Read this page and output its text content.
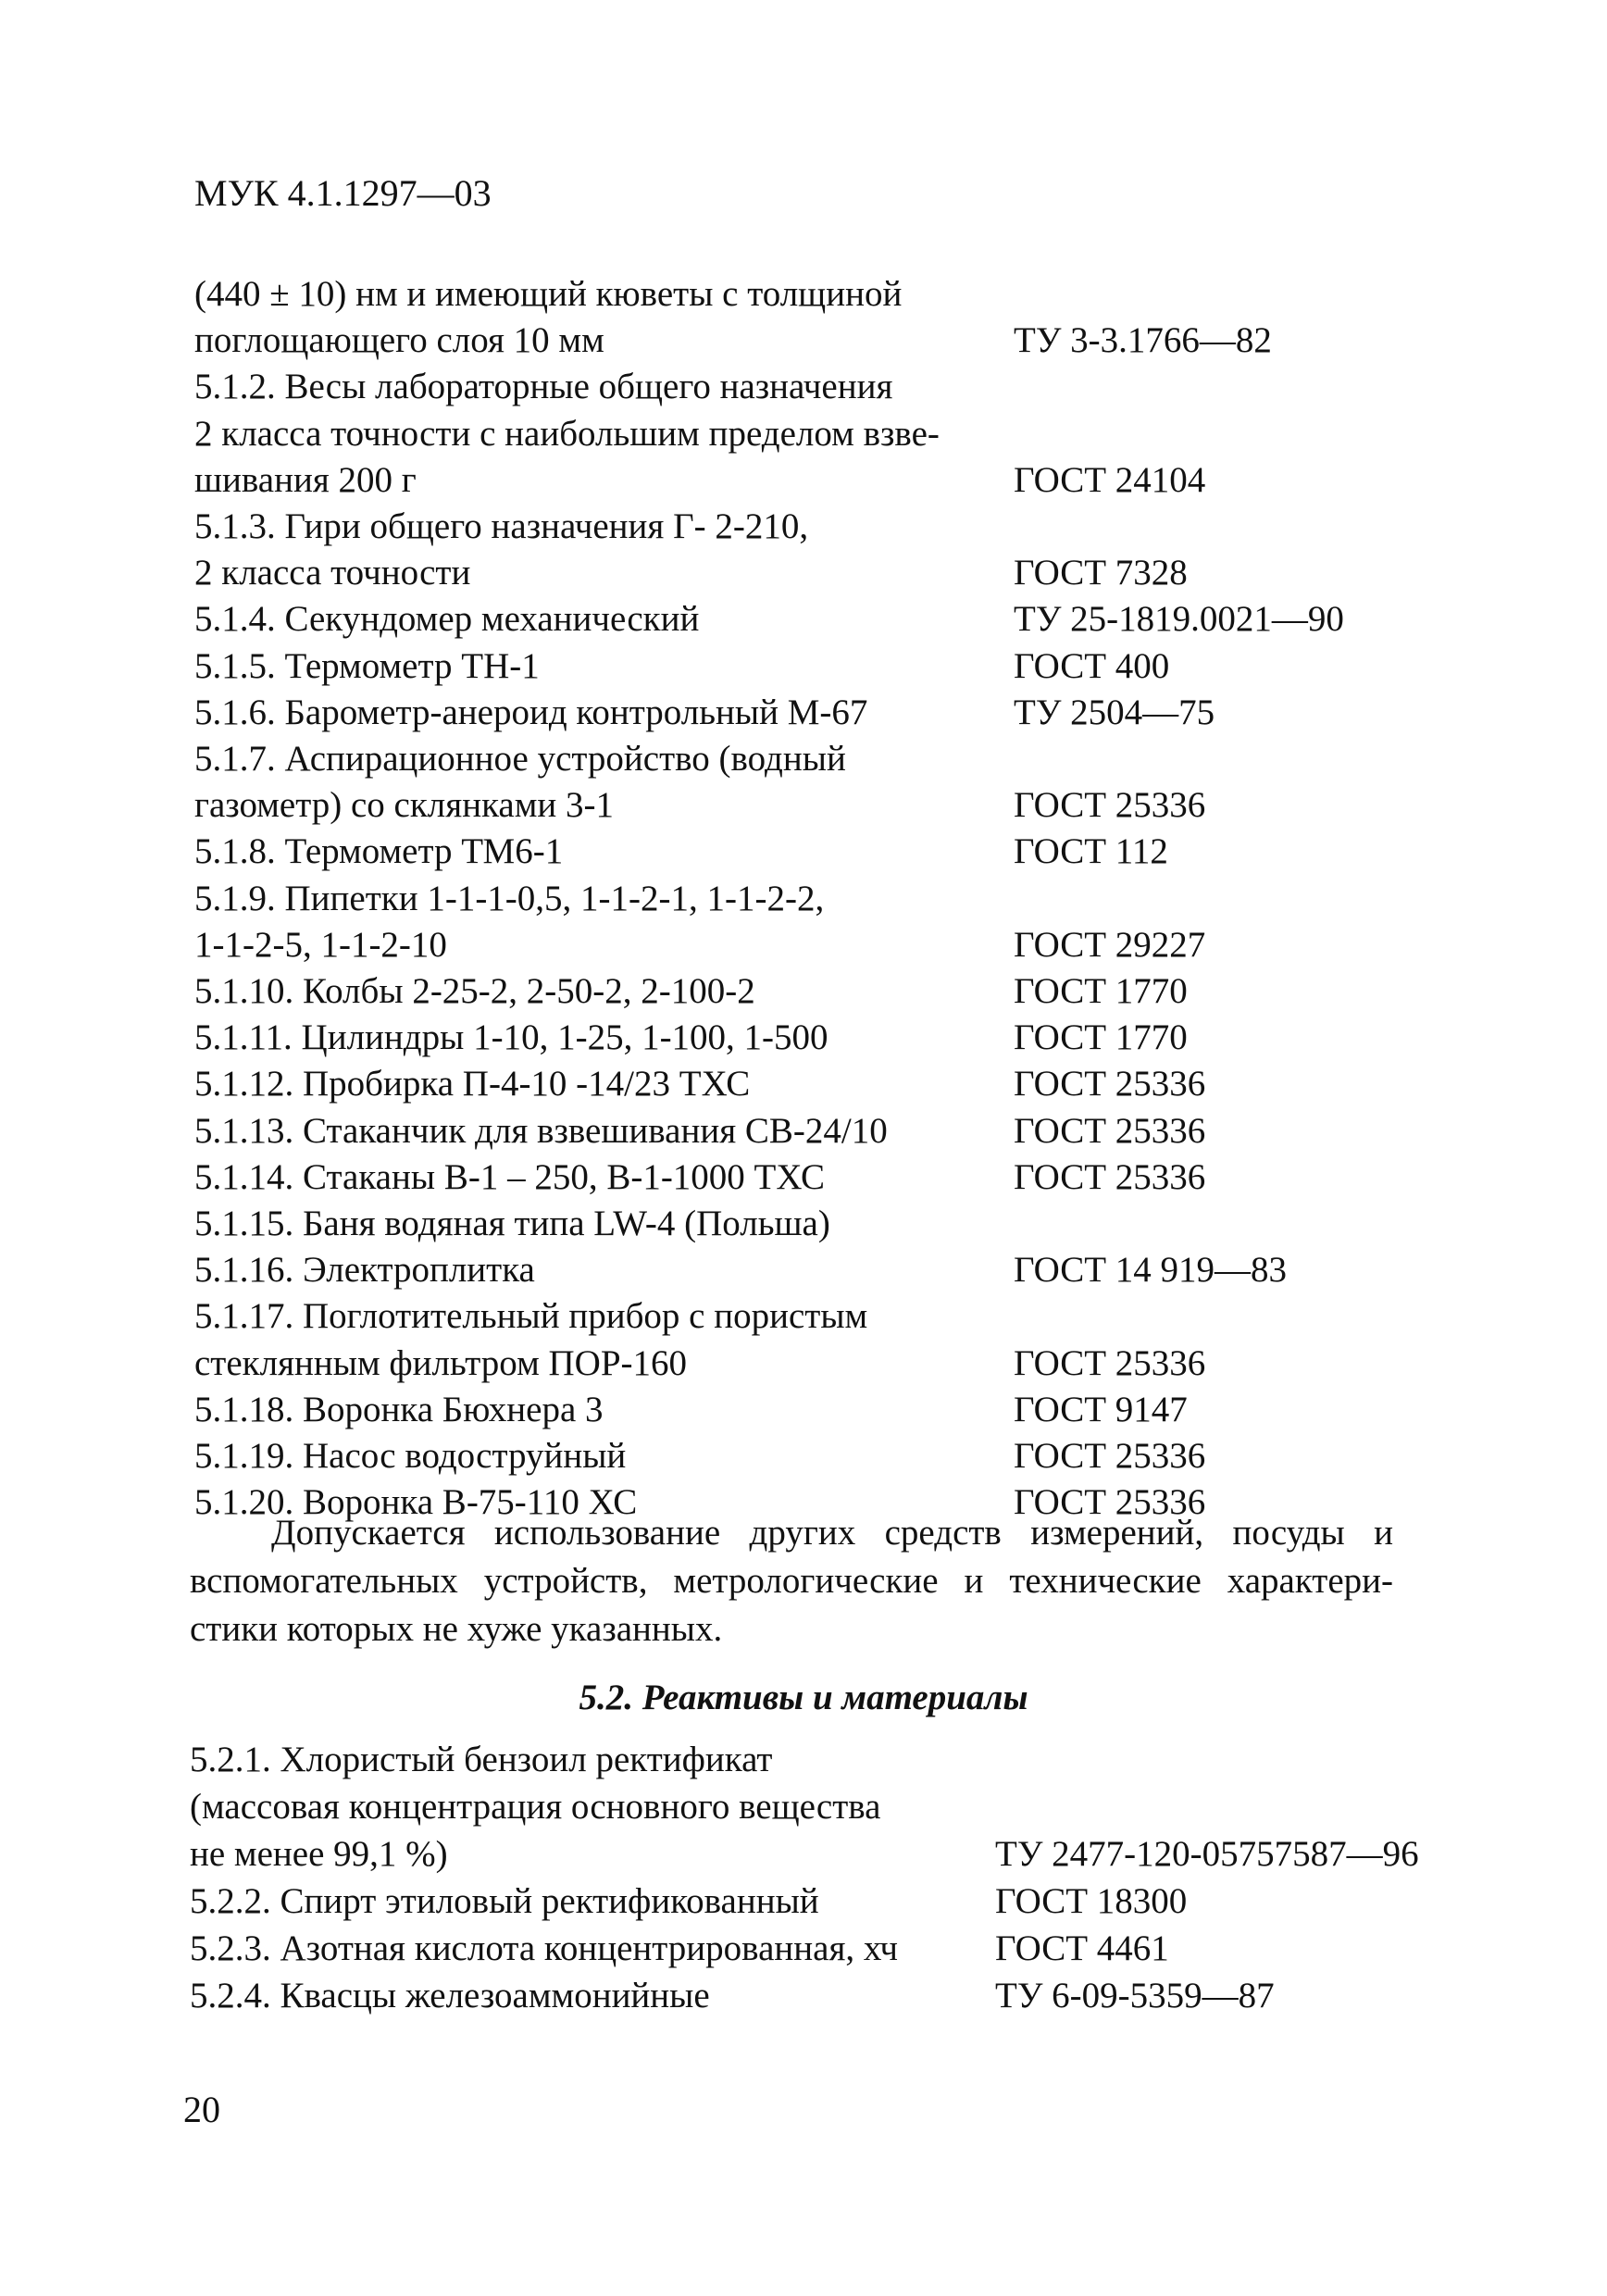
МУК 4.1.1297—03
(440 ± 10) нм и имеющий кюветы с толщиной
поглощающего слоя 10 мм	ТУ 3-3.1766—82
5.1.2. Весы лабораторные общего назначения
2 класса точности с наибольшим пределом взве-
шивания 200 г	ГОСТ 24104
5.1.3. Гири общего назначения Г- 2-210,
2 класса точности	ГОСТ 7328
5.1.4. Секундомер механический	ТУ 25-1819.0021—90
5.1.5. Термометр ТН-1	ГОСТ 400
5.1.6. Барометр-анероид контрольный М-67	ТУ 2504—75
5.1.7. Аспирационное устройство (водный
газометр) со склянками 3-1	ГОСТ 25336
5.1.8. Термометр ТМ6-1	ГОСТ 112
5.1.9. Пипетки 1-1-1-0,5, 1-1-2-1, 1-1-2-2,
1-1-2-5, 1-1-2-10	ГОСТ 29227
5.1.10. Колбы 2-25-2, 2-50-2, 2-100-2	ГОСТ 1770
5.1.11. Цилиндры 1-10, 1-25, 1-100, 1-500	ГОСТ 1770
5.1.12. Пробирка П-4-10 -14/23 ТХС	ГОСТ 25336
5.1.13. Стаканчик для взвешивания СВ-24/10	ГОСТ 25336
5.1.14. Стаканы В-1 – 250, В-1-1000 ТХС	ГОСТ 25336
5.1.15. Баня водяная типа LW-4 (Польша)
5.1.16. Электроплитка	ГОСТ 14 919—83
5.1.17. Поглотительный прибор с пористым
стеклянным фильтром ПОР-160	ГОСТ 25336
5.1.18. Воронка Бюхнера 3	ГОСТ 9147
5.1.19. Насос водоструйный	ГОСТ 25336
5.1.20. Воронка В-75-110 ХС	ГОСТ 25336
Допускается использование других средств измерений, посуды и
вспомогательных устройств, метрологические и технические характери-
стики которых не хуже указанных.
5.2. Реактивы и материалы
5.2.1. Хлористый бензоил ректификат
(массовая концентрация основного вещества
не менее 99,1 %)	ТУ 2477-120-05757587—96
5.2.2. Спирт этиловый ректификованный	ГОСТ 18300
5.2.3. Азотная кислота концентрированная, хч	ГОСТ 4461
5.2.4. Квасцы железоаммонийные	ТУ 6-09-5359—87
20
